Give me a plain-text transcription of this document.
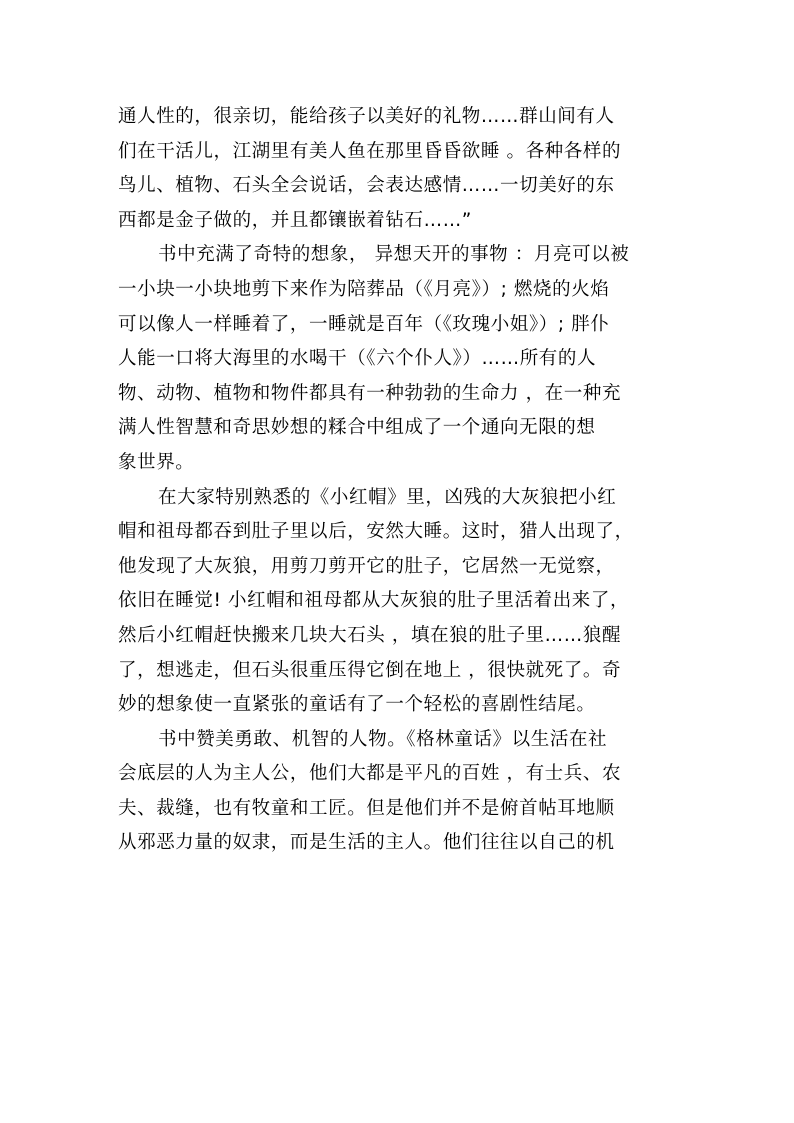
通人性的，很亲切，能给孩子以美好的礼物……群山间有人
们在干活儿，江湖里有美人鱼在那里昏昏欲睡 。各种各样的
鸟儿、植物、石头全会说话，会表达感情……一切美好的东
西都是金子做的，并且都镶嵌着钻石……”
书中充满了奇特的想象， 异想天开的事物 ：月亮可以被
一小块一小块地剪下来作为陪葬品（《月亮》）; 燃烧的火焰
可以像人一样睡着了，一睡就是百年（《玫瑰小姐》）; 胖仆
人能一口将大海里的水喝干（《六个仆人》）……所有的人
物、动物、植物和物件都具有一种勃勃的生命力 ，在一种充
满人性智慧和奇思妙想的糅合中组成了一个通向无限的想
象世界。
在大家特别熟悉的《小红帽》里，凶残的大灰狼把小红
帽和祖母都吞到肚子里以后，安然大睡。这时，猎人出现了，
他发现了大灰狼，用剪刀剪开它的肚子，它居然一无觉察，
依旧在睡觉! 小红帽和祖母都从大灰狼的肚子里活着出来了，
然后小红帽赶快搬来几块大石头 ，填在狼的肚子里……狼醒
了，想逃走，但石头很重压得它倒在地上 ，很快就死了。奇
妙的想象使一直紧张的童话有了一个轻松的喜剧性结尾。
书中赞美勇敢、机智的人物。《格林童话》以生活在社
会底层的人为主人公，他们大都是平凡的百姓 ，有士兵、农
夫、裁缝，也有牧童和工匠。但是他们并不是俯首帖耳地顺
从邪恶力量的奴隶，而是生活的主人。他们往往以自己的机
